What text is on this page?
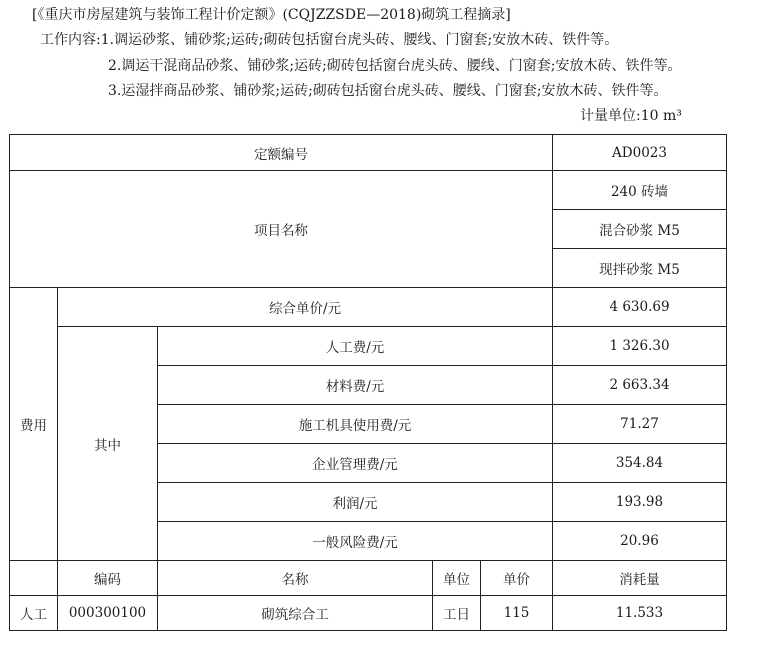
[《重庆市房屋建筑与装饰工程计价定额》(CQJZZSDE—2018)砌筑工程摘录]
工作内容:1.调运砂浆、铺砂浆;运砖;砌砖包括窗台虎头砖、腰线、门窗套;安放木砖、铁件等。
2.调运干混商品砂浆、铺砂浆;运砖;砌砖包括窗台虎头砖、腰线、门窗套;安放木砖、铁件等。
3.运湿拌商品砂浆、铺砂浆;运砖;砌砖包括窗台虎头砖、腰线、门窗套;安放木砖、铁件等。
计量单位:10 m³
定额编号					AD0023
项目名称					240 砖墙
					混合砂浆 M5
					现拌砂浆 M5
费用	综合单价/元				4 630.69
	其中	人工费/元			1 326.30
		材料费/元			2 663.34
		施工机具使用费/元			71.27
		企业管理费/元			354.84
		利润/元			193.98
		一般风险费/元			20.96
	编码	名称	单位	单价	消耗量
人工	000300100	砌筑综合工	工日	115	11.533
